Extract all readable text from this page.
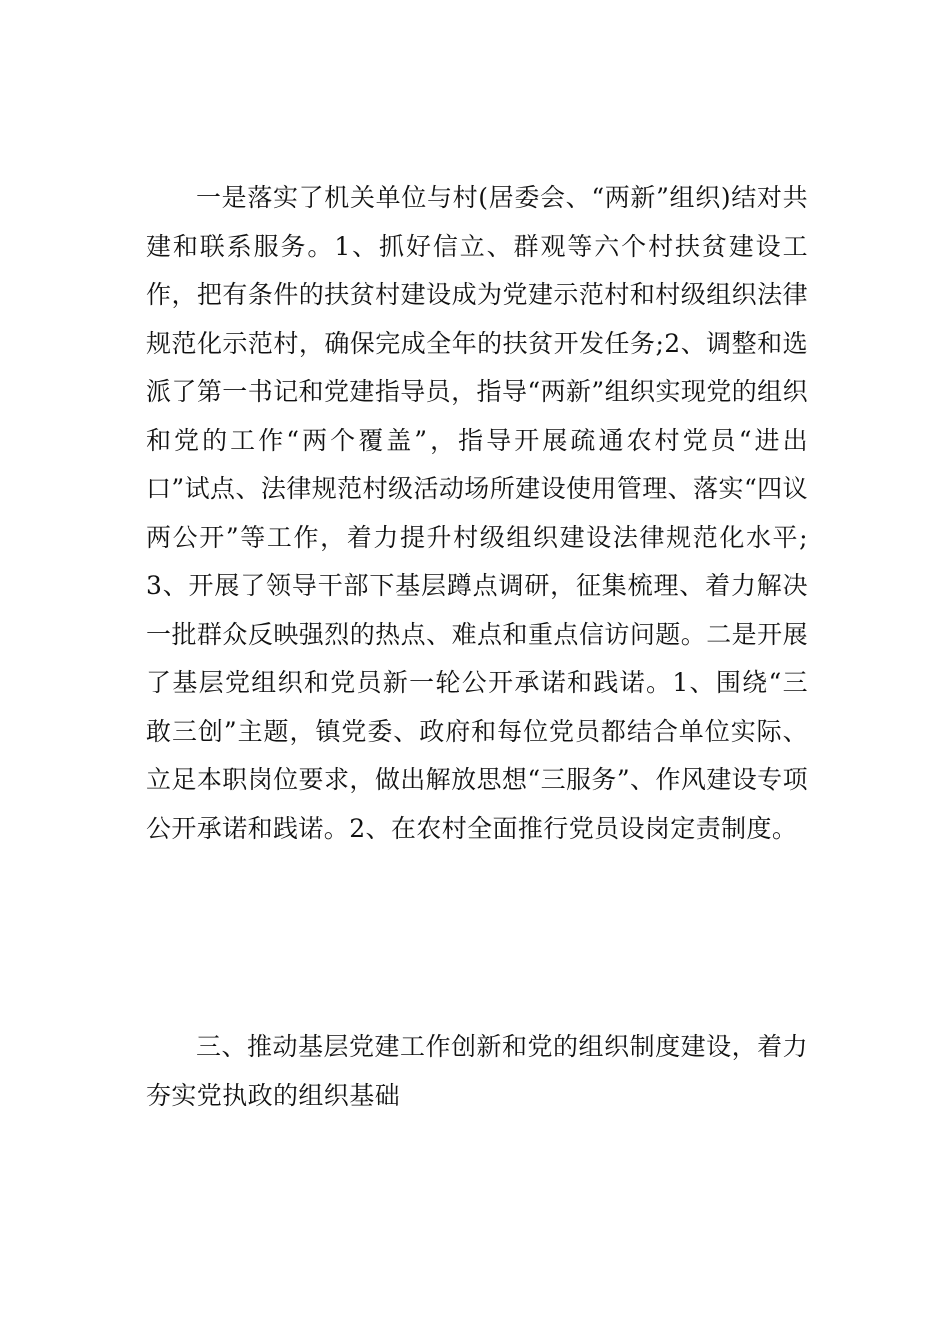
一是落实了机关单位与村(居委会、“两新”组织)结对共建和联系服务。1、抓好信立、群观等六个村扶贫建设工作，把有条件的扶贫村建设成为党建示范村和村级组织法律规范化示范村，确保完成全年的扶贫开发任务;2、调整和选派了第一书记和党建指导员，指导“两新”组织实现党的组织和党的工作“两个覆盖”，指导开展疏通农村党员“进出口”试点、法律规范村级活动场所建设使用管理、落实“四议两公开”等工作，着力提升村级组织建设法律规范化水平;3、开展了领导干部下基层蹲点调研，征集梳理、着力解决一批群众反映强烈的热点、难点和重点信访问题。二是开展了基层党组织和党员新一轮公开承诺和践诺。1、围绕“三敢三创”主题，镇党委、政府和每位党员都结合单位实际、立足本职岗位要求，做出解放思想“三服务”、作风建设专项公开承诺和践诺。2、在农村全面推行党员设岗定责制度。

三、推动基层党建工作创新和党的组织制度建设，着力夯实党执政的组织基础
